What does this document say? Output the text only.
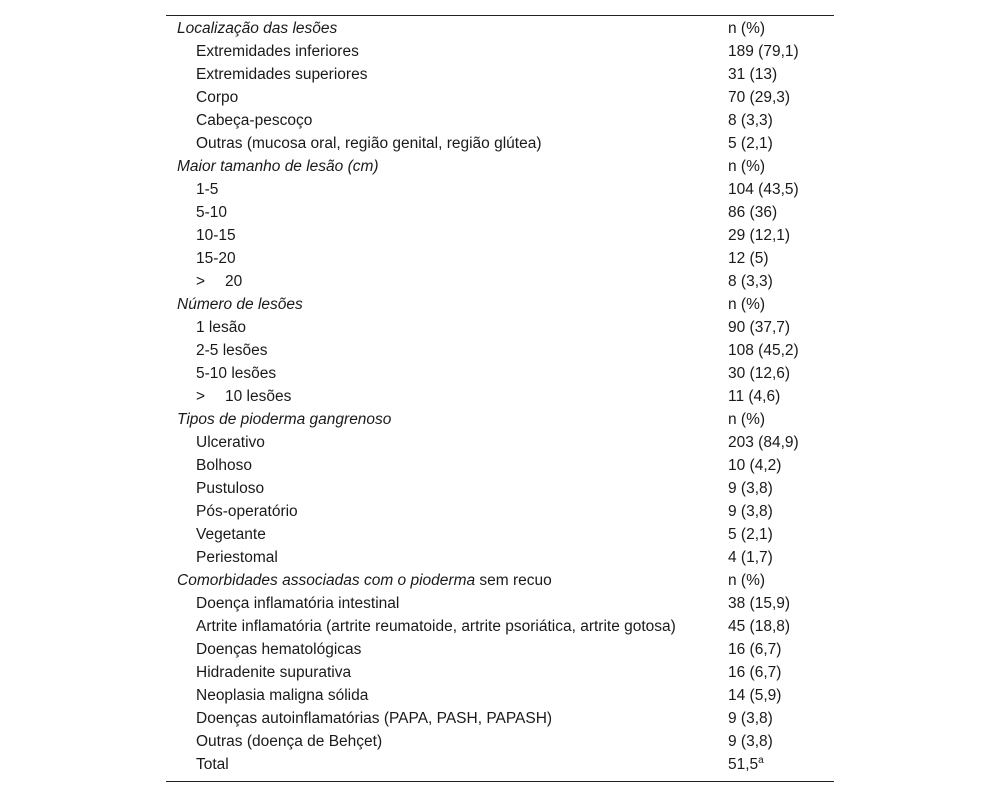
Localização das lesões	n (%)
Extremidades inferiores	189 (79,1)
Extremidades superiores	31 (13)
Corpo	70 (29,3)
Cabeça-pescoço	8 (3,3)
Outras (mucosa oral, região genital, região glútea)	5 (2,1)
Maior tamanho de lesão (cm)	n (%)
1-5	104 (43,5)
5-10	86 (36)
10-15	29 (12,1)
15-20	12 (5)
> 20	8 (3,3)
Número de lesões	n (%)
1 lesão	90 (37,7)
2-5 lesões	108 (45,2)
5-10 lesões	30 (12,6)
> 10 lesões	11 (4,6)
Tipos de pioderma gangrenoso	n (%)
Ulcerativo	203 (84,9)
Bolhoso	10 (4,2)
Pustuloso	9 (3,8)
Pós-operatório	9 (3,8)
Vegetante	5 (2,1)
Periestomal	4 (1,7)
Comorbidades associadas com o pioderma sem recuo	n (%)
Doença inflamatória intestinal	38 (15,9)
Artrite inflamatória (artrite reumatoide, artrite psoriática, artrite gotosa)	45 (18,8)
Doenças hematológicas	16 (6,7)
Hidradenite supurativa	16 (6,7)
Neoplasia maligna sólida	14 (5,9)
Doenças autoinflamatórias (PAPA, PASH, PAPASH)	9 (3,8)
Outras (doença de Behçet)	9 (3,8)
Total	51,5$^a$
